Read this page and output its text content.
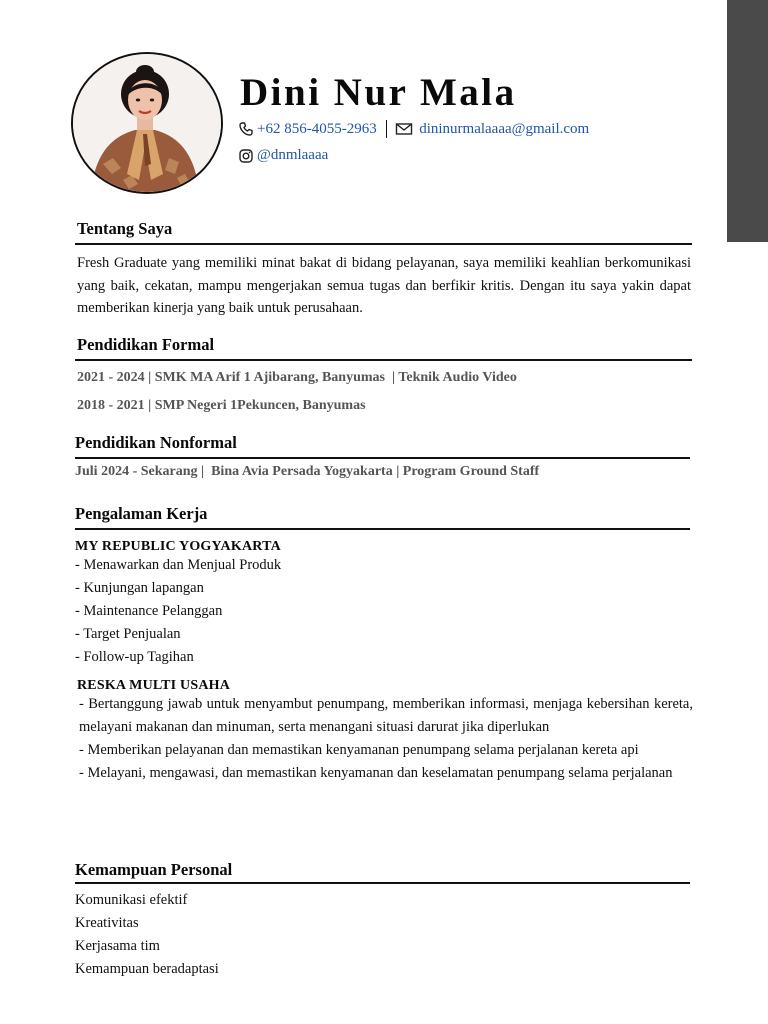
Dini Nur Mala
+62 856-4055-2963	dininurmalaaaa@gmail.com
@dnmlaaaa
Tentang Saya
Fresh Graduate yang memiliki minat bakat di bidang pelayanan, saya memiliki keahlian berkomunikasi yang baik, cekatan, mampu mengerjakan semua tugas dan berfikir kritis. Dengan itu saya yakin dapat memberikan kinerja yang baik untuk perusahaan.
Pendidikan Formal
2021 - 2024 | SMK MA Arif 1 Ajibarang, Banyumas  | Teknik Audio Video
2018 - 2021 | SMP Negeri 1Pekuncen, Banyumas
Pendidikan Nonformal
Juli 2024 - Sekarang |  Bina Avia Persada Yogyakarta | Program Ground Staff
Pengalaman Kerja
MY REPUBLIC YOGYAKARTA
- Menawarkan dan Menjual Produk
- Kunjungan lapangan
- Maintenance Pelanggan
- Target Penjualan
- Follow-up Tagihan
RESKA MULTI USAHA

- Bertanggung jawab untuk menyambut penumpang, memberikan informasi, menjaga kebersihan kereta, melayani makanan dan minuman, serta menangani situasi darurat jika diperlukan

- Memberikan pelayanan dan memastikan kenyamanan penumpang selama perjalanan kereta api

- Melayani, mengawasi, dan memastikan kenyamanan dan keselamatan penumpang selama perjalanan

Kemampuan Personal
Komunikasi efektif
Kreativitas
Kerjasama tim
Kemampuan beradaptasi
